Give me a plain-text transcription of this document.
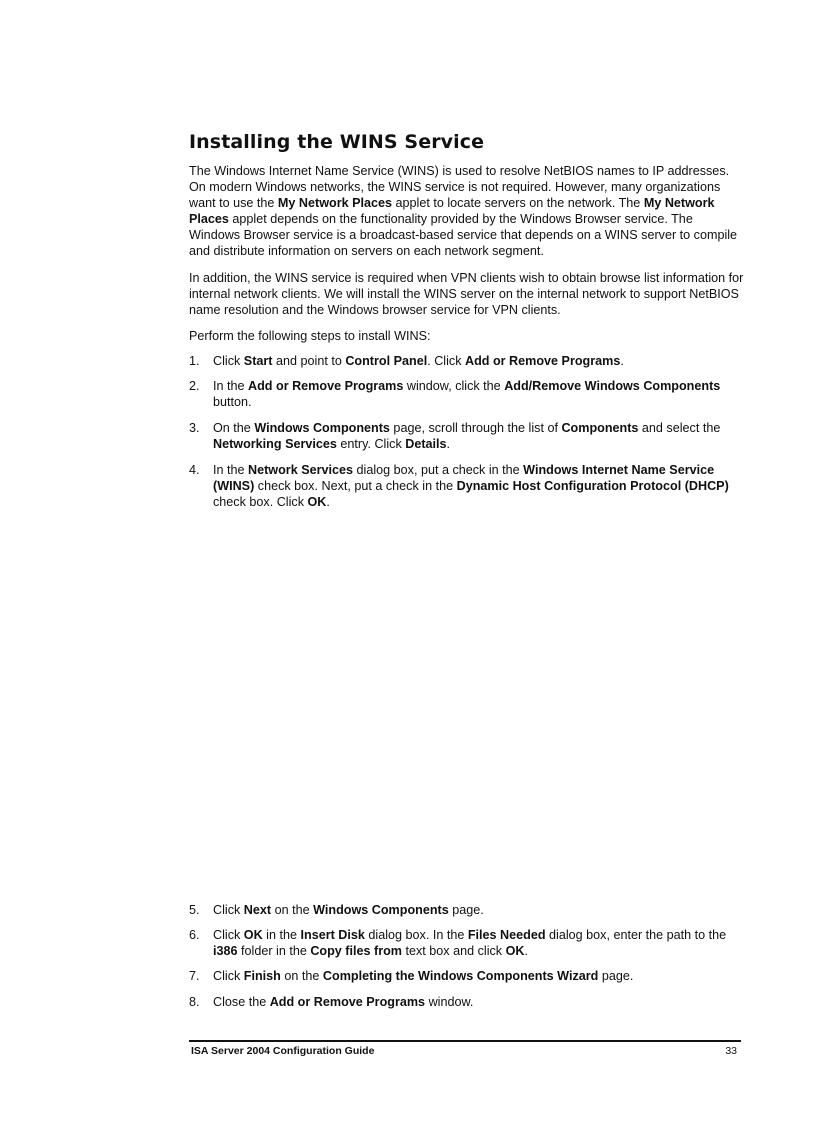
Installing the WINS Service

The Windows Internet Name Service (WINS) is used to resolve NetBIOS names to IP addresses. On modern Windows networks, the WINS service is not required. However, many organizations want to use the My Network Places applet to locate servers on the network. The My Network Places applet depends on the functionality provided by the Windows Browser service. The Windows Browser service is a broadcast-based service that depends on a WINS server to compile and distribute information on servers on each network segment.

In addition, the WINS service is required when VPN clients wish to obtain browse list information for internal network clients. We will install the WINS server on the internal network to support NetBIOS name resolution and the Windows browser service for VPN clients.

Perform the following steps to install WINS:

1. Click Start and point to Control Panel. Click Add or Remove Programs.
2. In the Add or Remove Programs window, click the Add/Remove Windows Components button.
3. On the Windows Components page, scroll through the list of Components and select the Networking Services entry. Click Details.
4. In the Network Services dialog box, put a check in the Windows Internet Name Service (WINS) check box. Next, put a check in the Dynamic Host Configuration Protocol (DHCP) check box. Click OK.
5. Click Next on the Windows Components page.
6. Click OK in the Insert Disk dialog box. In the Files Needed dialog box, enter the path to the i386 folder in the Copy files from text box and click OK.
7. Click Finish on the Completing the Windows Components Wizard page.
8. Close the Add or Remove Programs window.
ISA Server 2004 Configuration Guide	33
